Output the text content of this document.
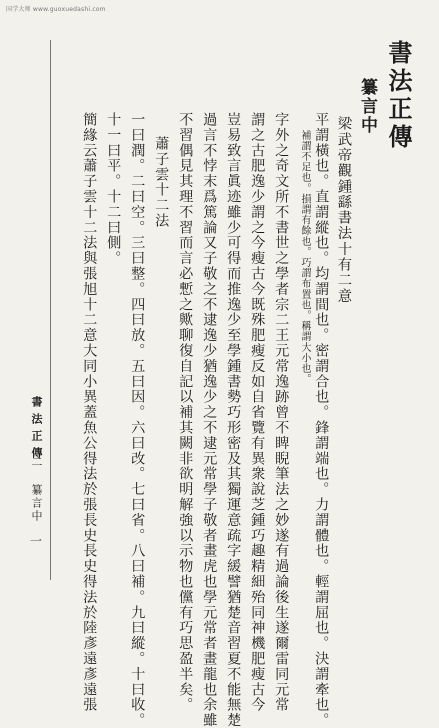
国学大师 www.guoxuedashi.com
書法正傳
纂言中
梁武帝觀鍾繇書法十有二意
平謂橫也。直謂縱也。均謂間也。密謂合也。鋒謂端也。力謂體也。輕謂屈也。決謂牽也。
補謂不足也。損謂有餘也。巧謂布置也。稱謂大小也。
字外之奇文所不書世之學者宗二王元常逸跡曾不睥睨筆法之妙遂有過論後生遂爾雷同元常
謂之古肥逸少謂之今瘦古今既殊肥瘦反如自省覽有異衆說芝鍾巧趣精細殆同神機肥瘦古今
豈易致言眞迹雖少可得而推逸少至學鍾書勢巧形密及其獨運意疏字緩譬猶楚音習夏不能無楚
過言不悖末爲篤論又子敬之不逮逸少猶逸少之不逮元常學子敬者畫虎也學元常者畫龍也余雖
不習偶見其理不習而言必慙之歟聊復自記以補其闕非欲明解強以示物也儻有巧思盈半矣。
蕭子雲十二法
一曰潤。二曰空。三曰整。四曰放。五曰因。六曰改。七曰省。八曰補。九曰縱。十曰收。
十一曰平。十二曰側。
簡緣云蕭子雲十二法與張旭十二意大同小異蓋魚公得法於張長史長史得法於陸彥遠彥遠張
書法正傳
二 纂言中
一
